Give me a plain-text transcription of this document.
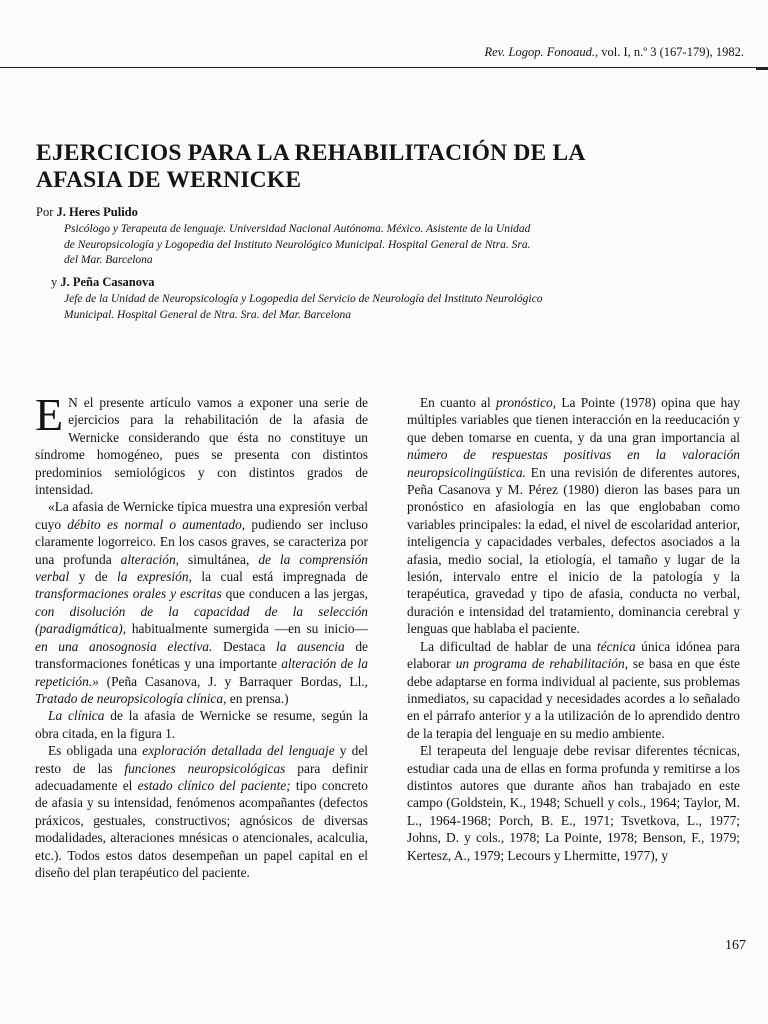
Rev. Logop. Fonoaud., vol. I, n.º 3 (167-179), 1982.
EJERCICIOS PARA LA REHABILITACIÓN DE LA
AFASIA DE WERNICKE
Por J. Heres Pulido

Psicólogo y Terapeuta de lenguaje. Universidad Nacional Autónoma. México. Asistente de la Unidad de Neuropsicología y Logopedia del Instituto Neurológico Municipal. Hospital General de Ntra. Sra. del Mar. Barcelona

y J. Peña Casanova

Jefe de la Unidad de Neuropsicología y Logopedia del Servicio de Neurología del Instituto Neurológico Municipal. Hospital General de Ntra. Sra. del Mar. Barcelona

E N el presente artículo vamos a exponer una serie de ejercicios para la rehabilitación de la afasia de Wernicke considerando que ésta no constituye un síndrome homogéneo, pues se presenta con distintos predominios semiológicos y con distintos grados de intensidad.

«La afasia de Wernicke típica muestra una expresión verbal cuyo débito es normal o aumentado, pudiendo ser incluso claramente logorreico. En los casos graves, se caracteriza por una profunda alteración, simultánea, de la comprensión verbal y de la expresión, la cual está impregnada de transformaciones orales y escritas que conducen a las jergas, con disolución de la capacidad de la selección (paradigmática), habitualmente sumergida —en su inicio— en una anosognosia electiva. Destaca la ausencia de transformaciones fonéticas y una importante alteración de la repetición.» (Peña Casanova, J. y Barraquer Bordas, Ll., Tratado de neuropsicología clínica, en prensa.)

La clínica de la afasia de Wernicke se resume, según la obra citada, en la figura 1.

Es obligada una exploración detallada del lenguaje y del resto de las funciones neuropsicológicas para definir adecuadamente el estado clínico del paciente; tipo concreto de afasia y su intensidad, fenómenos acompañantes (defectos práxicos, gestuales, constructivos; agnósicos de diversas modalidades, alteraciones mnésicas o atencionales, acalculia, etc.). Todos estos datos desempeñan un papel capital en el diseño del plan terapéutico del paciente.

En cuanto al pronóstico, La Pointe (1978) opina que hay múltiples variables que tienen interacción en la reeducación y que deben tomarse en cuenta, y da una gran importancia al número de respuestas positivas en la valoración neuropsicolingüística. En una revisión de diferentes autores, Peña Casanova y M. Pérez (1980) dieron las bases para un pronóstico en afasiología en las que englobaban como variables principales: la edad, el nivel de escolaridad anterior, inteligencia y capacidades verbales, defectos asociados a la afasia, medio social, la etiología, el tamaño y lugar de la lesión, intervalo entre el inicio de la patología y la terapéutica, gravedad y tipo de afasia, conducta no verbal, duración e intensidad del tratamiento, dominancia cerebral y lenguas que hablaba el paciente.

La dificultad de hablar de una técnica única idónea para elaborar un programa de rehabilitación, se basa en que éste debe adaptarse en forma individual al paciente, sus problemas inmediatos, su capacidad y necesidades acordes a lo señalado en el párrafo anterior y a la utilización de lo aprendido dentro de la terapia del lenguaje en su medio ambiente.

El terapeuta del lenguaje debe revisar diferentes técnicas, estudiar cada una de ellas en forma profunda y remitirse a los distintos autores que durante años han trabajado en este campo (Goldstein, K., 1948; Schuell y cols., 1964; Taylor, M. L., 1964-1968; Porch, B. E., 1971; Tsvetkova, L., 1977; Johns, D. y cols., 1978; La Pointe, 1978; Benson, F., 1979; Kertesz, A., 1979; Lecours y Lhermitte, 1977), y

167
